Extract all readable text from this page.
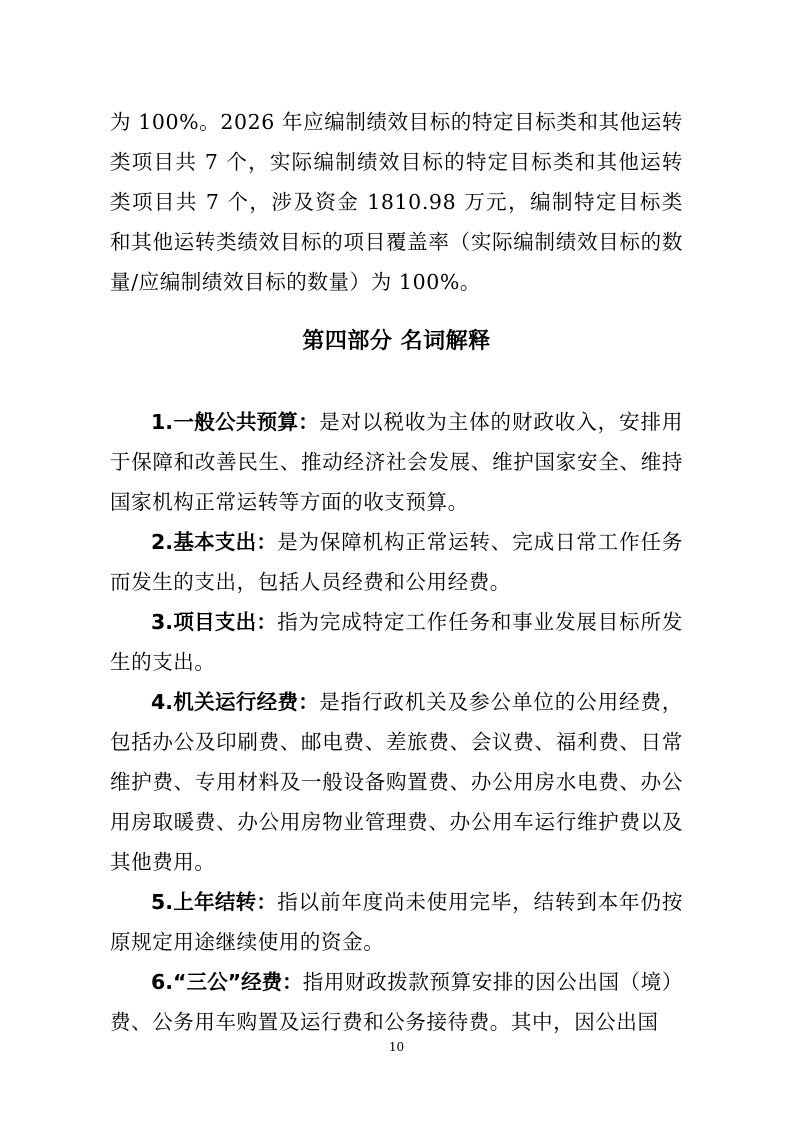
为 100%。2026 年应编制绩效目标的特定目标类和其他运转类项目共 7 个，实际编制绩效目标的特定目标类和其他运转类项目共 7 个，涉及资金 1810.98 万元，编制特定目标类和其他运转类绩效目标的项目覆盖率（实际编制绩效目标的数量/应编制绩效目标的数量）为 100%。

第四部分 名词解释

1.一般公共预算：是对以税收为主体的财政收入，安排用于保障和改善民生、推动经济社会发展、维护国家安全、维持国家机构正常运转等方面的收支预算。

2.基本支出：是为保障机构正常运转、完成日常工作任务而发生的支出，包括人员经费和公用经费。

3.项目支出：指为完成特定工作任务和事业发展目标所发生的支出。

4.机关运行经费：是指行政机关及参公单位的公用经费，包括办公及印刷费、邮电费、差旅费、会议费、福利费、日常维护费、专用材料及一般设备购置费、办公用房水电费、办公用房取暖费、办公用房物业管理费、办公用车运行维护费以及其他费用。

5.上年结转：指以前年度尚未使用完毕，结转到本年仍按原规定用途继续使用的资金。

6.“三公”经费：指用财政拨款预算安排的因公出国（境）费、公务用车购置及运行费和公务接待费。其中，因公出国

10
